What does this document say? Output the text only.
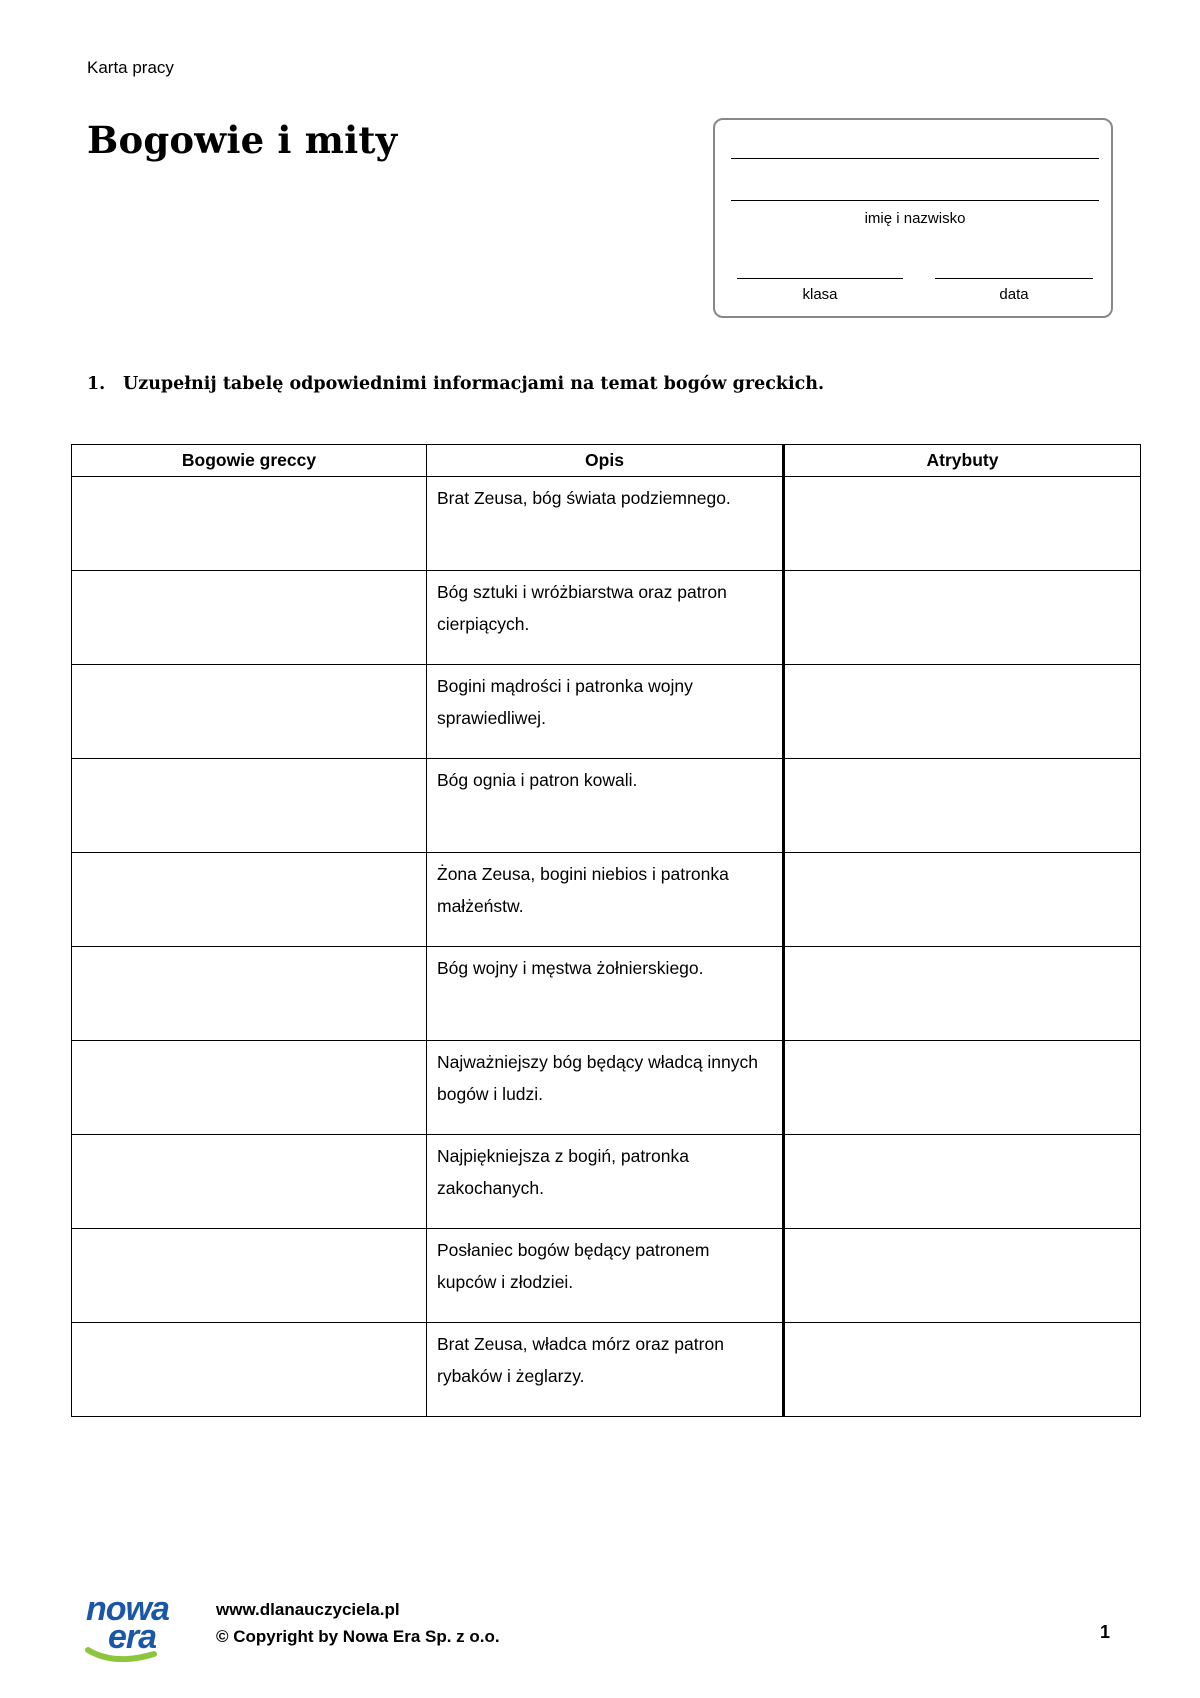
Karta pracy
Bogowie i mity
imię i nazwisko
klasa	data
1. Uzupełnij tabelę odpowiednimi informacjami na temat bogów greckich.
Bogowie greccy	Opis	Atrybuty
	Brat Zeusa, bóg świata podziemnego.	
	Bóg sztuki i wróżbiarstwa oraz patron cierpiących.	
	Bogini mądrości i patronka wojny sprawiedliwej.	
	Bóg ognia i patron kowali.	
	Żona Zeusa, bogini niebios i patronka małżeństw.	
	Bóg wojny i męstwa żołnierskiego.	
	Najważniejszy bóg będący władcą innych bogów i ludzi.	
	Najpiękniejsza z bogiń, patronka zakochanych.	
	Posłaniec bogów będący patronem kupców i złodziei.	
	Brat Zeusa, władca mórz oraz patron rybaków i żeglarzy.	
nowa
era
www.dlanauczyciela.pl
© Copyright by Nowa Era Sp. z o.o.	1
